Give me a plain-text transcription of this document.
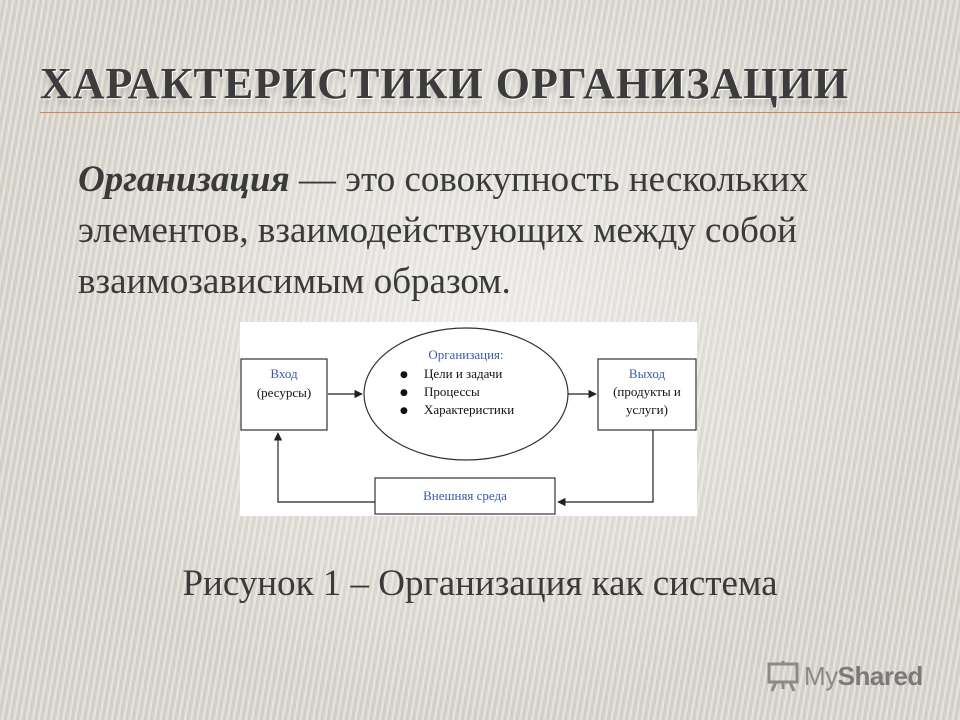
ХАРАКТЕРИСТИКИ ОРГАНИЗАЦИИ
Организация — это совокупность нескольких элементов, взаимодействующих между собой взаимозависимым образом.
Вход
(ресурсы)
Организация:
● Цели и задачи
● Процессы
● Характеристики
Выход
(продукты и
услуги)
Внешняя среда
Рисунок 1 – Организация как система
MyShared
